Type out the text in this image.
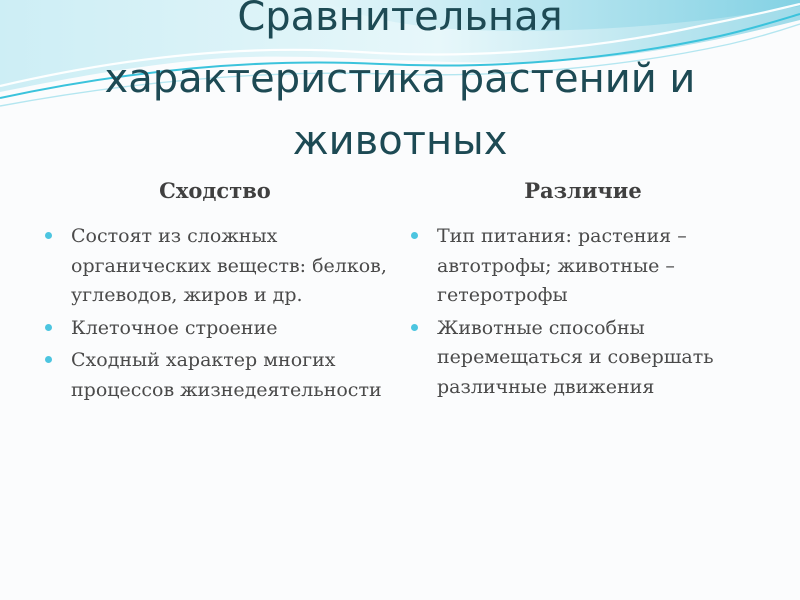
Сравнительная
характеристика растений и
животных
Сходство	Различие
Состоят из сложных органических веществ: белков, углеводов, жиров и др.
Клеточное строение
Сходный характер многих процессов жизнедеятельности
Тип питания: растения – автотрофы; животные – гетеротрофы
Животные способны перемещаться и совершать различные движения
